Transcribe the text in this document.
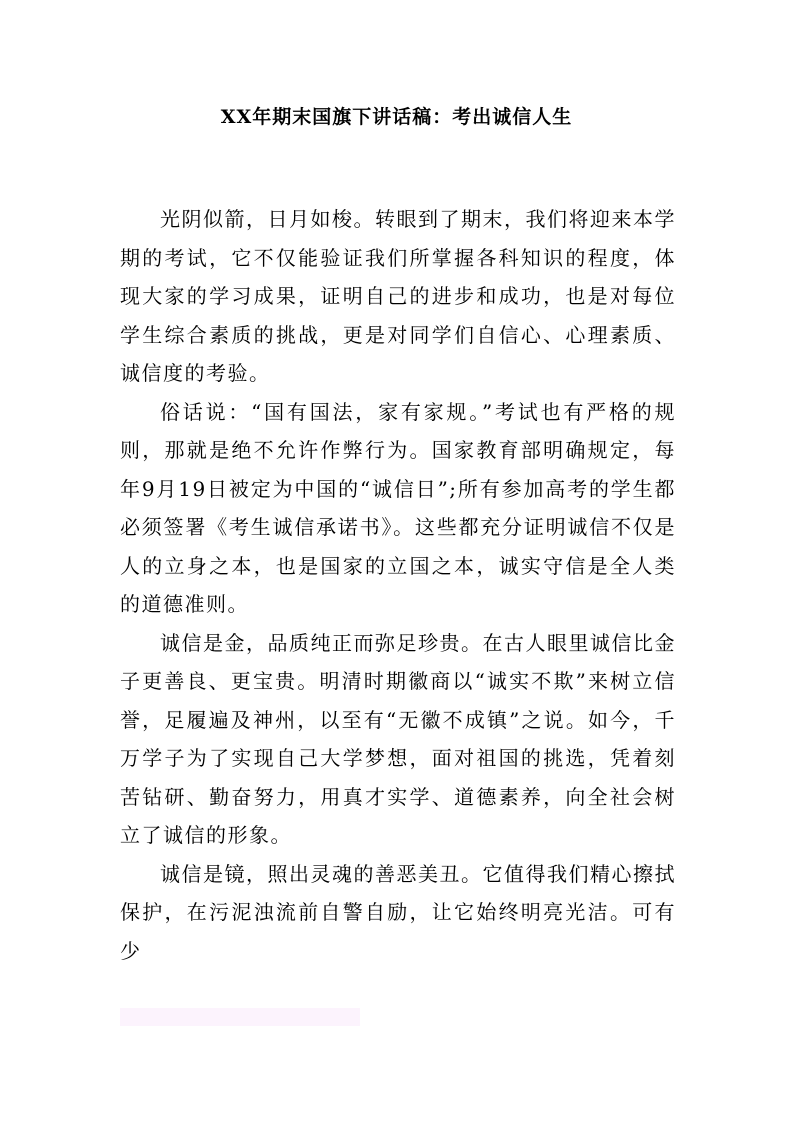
XX年期末国旗下讲话稿：考出诚信人生

光阴似箭，日月如梭。转眼到了期末，我们将迎来本学期的考试，它不仅能验证我们所掌握各科知识的程度，体现大家的学习成果，证明自己的进步和成功，也是对每位学生综合素质的挑战，更是对同学们自信心、心理素质、诚信度的考验。

俗话说：“国有国法，家有家规。”考试也有严格的规则，那就是绝不允许作弊行为。国家教育部明确规定，每年9月19日被定为中国的“诚信日”;所有参加高考的学生都必须签署《考生诚信承诺书》。这些都充分证明诚信不仅是人的立身之本，也是国家的立国之本，诚实守信是全人类的道德准则。

诚信是金，品质纯正而弥足珍贵。在古人眼里诚信比金子更善良、更宝贵。明清时期徽商以“诚实不欺”来树立信誉，足履遍及神州，以至有“无徽不成镇”之说。如今，千万学子为了实现自己大学梦想，面对祖国的挑选，凭着刻苦钻研、勤奋努力，用真才实学、道德素养，向全社会树立了诚信的形象。

诚信是镜，照出灵魂的善恶美丑。它值得我们精心擦拭保护，在污泥浊流前自警自励，让它始终明亮光洁。可有少
